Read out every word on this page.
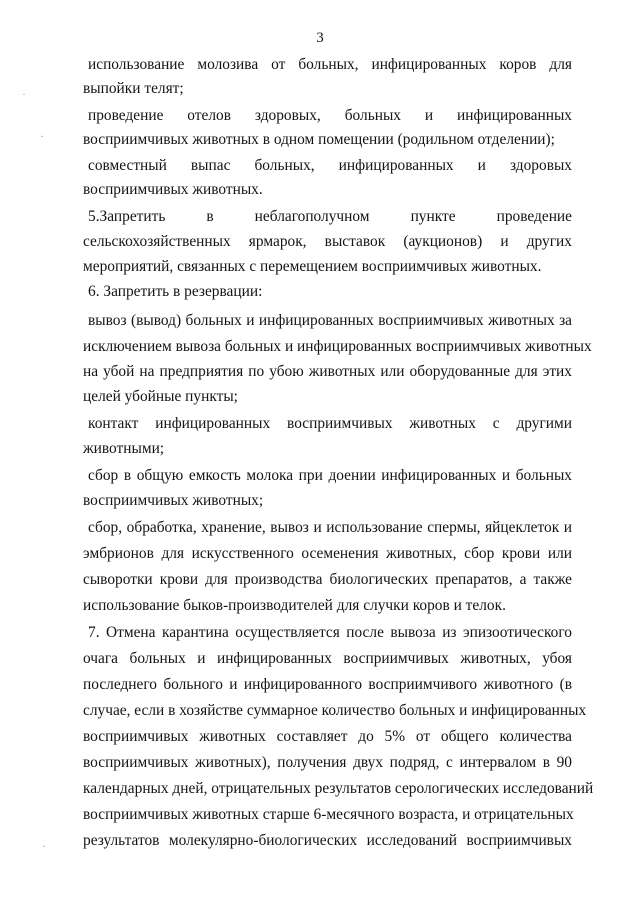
3
использование молозива от больных, инфицированных коров для
выпойки телят;
проведение отелов здоровых, больных и инфицированных
восприимчивых животных в одном помещении (родильном отделении);
совместный выпас больных, инфицированных и здоровых
восприимчивых животных.
5.Запретить в неблагополучном пункте проведение
сельскохозяйственных ярмарок, выставок (аукционов) и других
мероприятий, связанных с перемещением восприимчивых животных.
6. Запретить в резервации:
вывоз (вывод) больных и инфицированных восприимчивых животных за
исключением вывоза больных и инфицированных восприимчивых животных
на убой на предприятия по убою животных или оборудованные для этих
целей убойные пункты;
контакт инфицированных восприимчивых животных с другими
животными;
сбор в общую емкость молока при доении инфицированных и больных
восприимчивых животных;
сбор, обработка, хранение, вывоз и использование спермы, яйцеклеток и
эмбрионов для искусственного осеменения животных, сбор крови или
сыворотки крови для производства биологических препаратов, а также
использование быков-производителей для случки коров и телок.
7. Отмена карантина осуществляется после вывоза из эпизоотического
очага больных и инфицированных восприимчивых животных, убоя
последнего больного и инфицированного восприимчивого животного (в
случае, если в хозяйстве суммарное количество больных и инфицированных
восприимчивых животных составляет до 5% от общего количества
восприимчивых животных), получения двух подряд, с интервалом в 90
календарных дней, отрицательных результатов серологических исследований
восприимчивых животных старше 6-месячного возраста, и отрицательных
результатов молекулярно-биологических исследований восприимчивых
·
·
·
